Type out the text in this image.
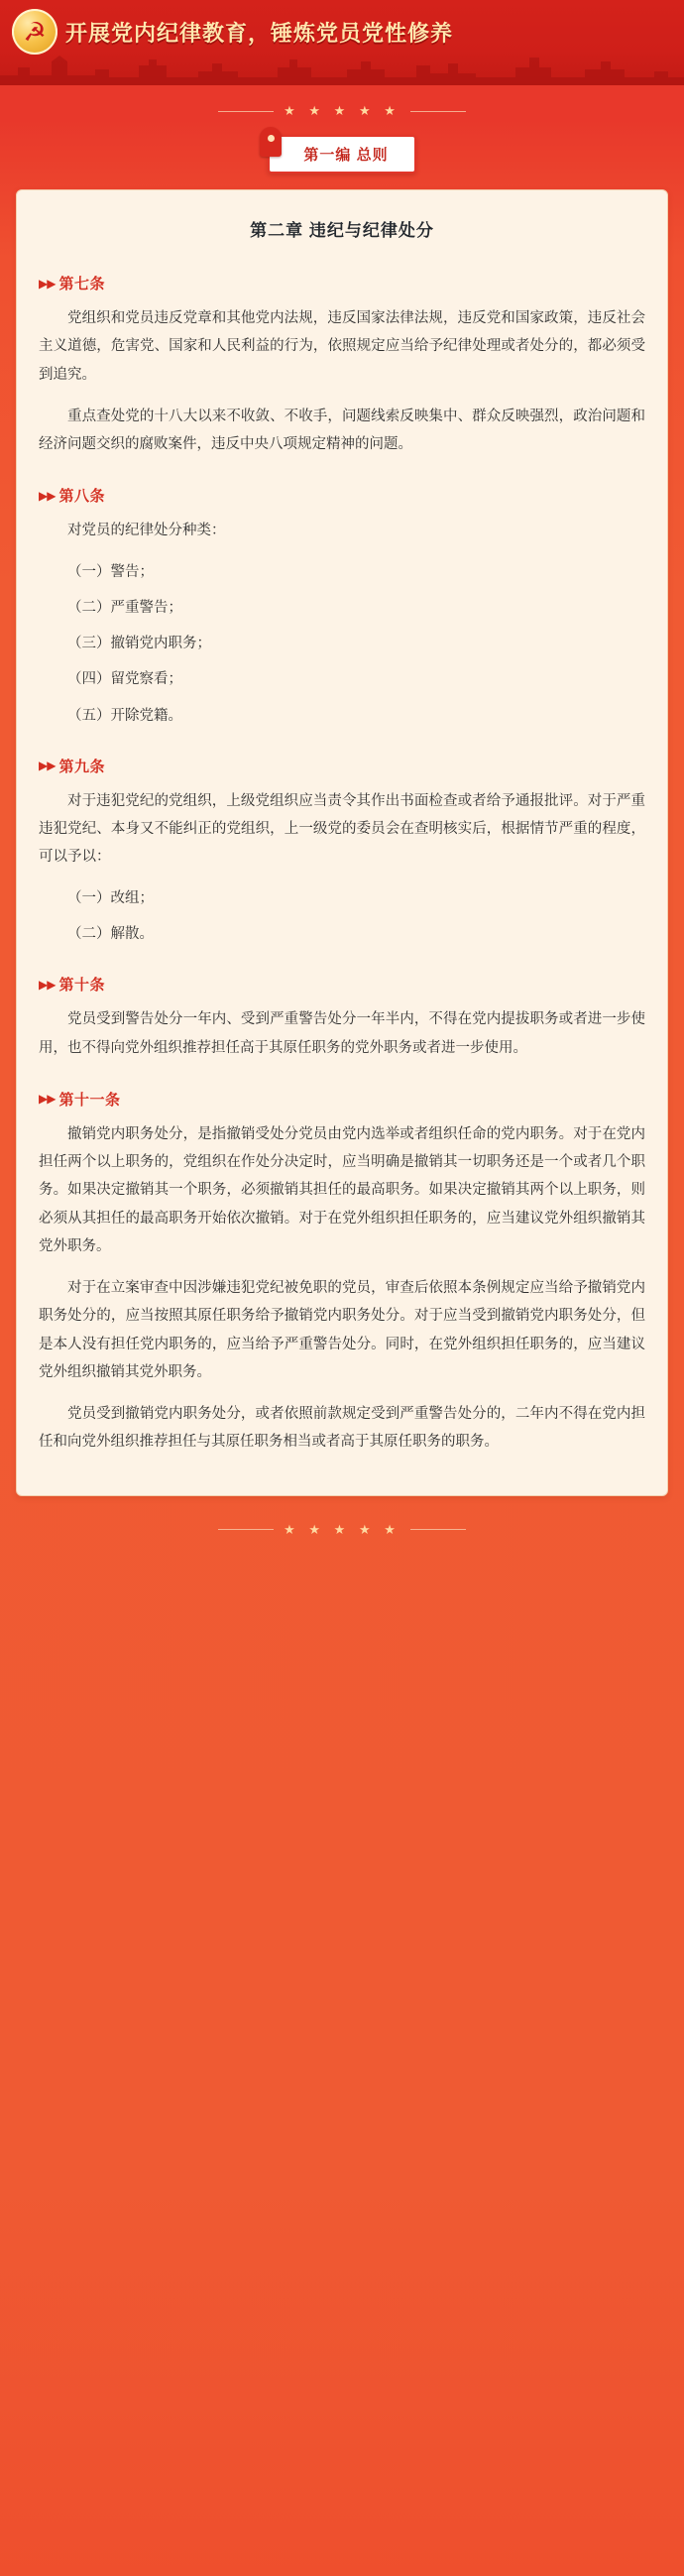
☭ 开展党内纪律教育，锤炼党员党性修养
★ ★ ★ ★ ★
第一编 总则
第二章 违纪与纪律处分
▶▶ 第七条

党组织和党员违反党章和其他党内法规，违反国家法律法规，违反党和国家政策，违反社会主义道德，危害党、国家和人民利益的行为，依照规定应当给予纪律处理或者处分的，都必须受到追究。

重点查处党的十八大以来不收敛、不收手，问题线索反映集中、群众反映强烈，政治问题和经济问题交织的腐败案件，违反中央八项规定精神的问题。

▶▶ 第八条

对党员的纪律处分种类：

（一）警告；

（二）严重警告；

（三）撤销党内职务；

（四）留党察看；

（五）开除党籍。

▶▶ 第九条

对于违犯党纪的党组织，上级党组织应当责令其作出书面检查或者给予通报批评。对于严重违犯党纪、本身又不能纠正的党组织，上一级党的委员会在查明核实后，根据情节严重的程度，可以予以：

（一）改组；

（二）解散。

▶▶ 第十条

党员受到警告处分一年内、受到严重警告处分一年半内，不得在党内提拔职务或者进一步使用，也不得向党外组织推荐担任高于其原任职务的党外职务或者进一步使用。

▶▶ 第十一条

撤销党内职务处分，是指撤销受处分党员由党内选举或者组织任命的党内职务。对于在党内担任两个以上职务的，党组织在作处分决定时，应当明确是撤销其一切职务还是一个或者几个职务。如果决定撤销其一个职务，必须撤销其担任的最高职务。如果决定撤销其两个以上职务，则必须从其担任的最高职务开始依次撤销。对于在党外组织担任职务的，应当建议党外组织撤销其党外职务。

对于在立案审查中因涉嫌违犯党纪被免职的党员，审查后依照本条例规定应当给予撤销党内职务处分的，应当按照其原任职务给予撤销党内职务处分。对于应当受到撤销党内职务处分，但是本人没有担任党内职务的，应当给予严重警告处分。同时，在党外组织担任职务的，应当建议党外组织撤销其党外职务。

党员受到撤销党内职务处分，或者依照前款规定受到严重警告处分的，二年内不得在党内担任和向党外组织推荐担任与其原任职务相当或者高于其原任职务的职务。

★ ★ ★ ★ ★
